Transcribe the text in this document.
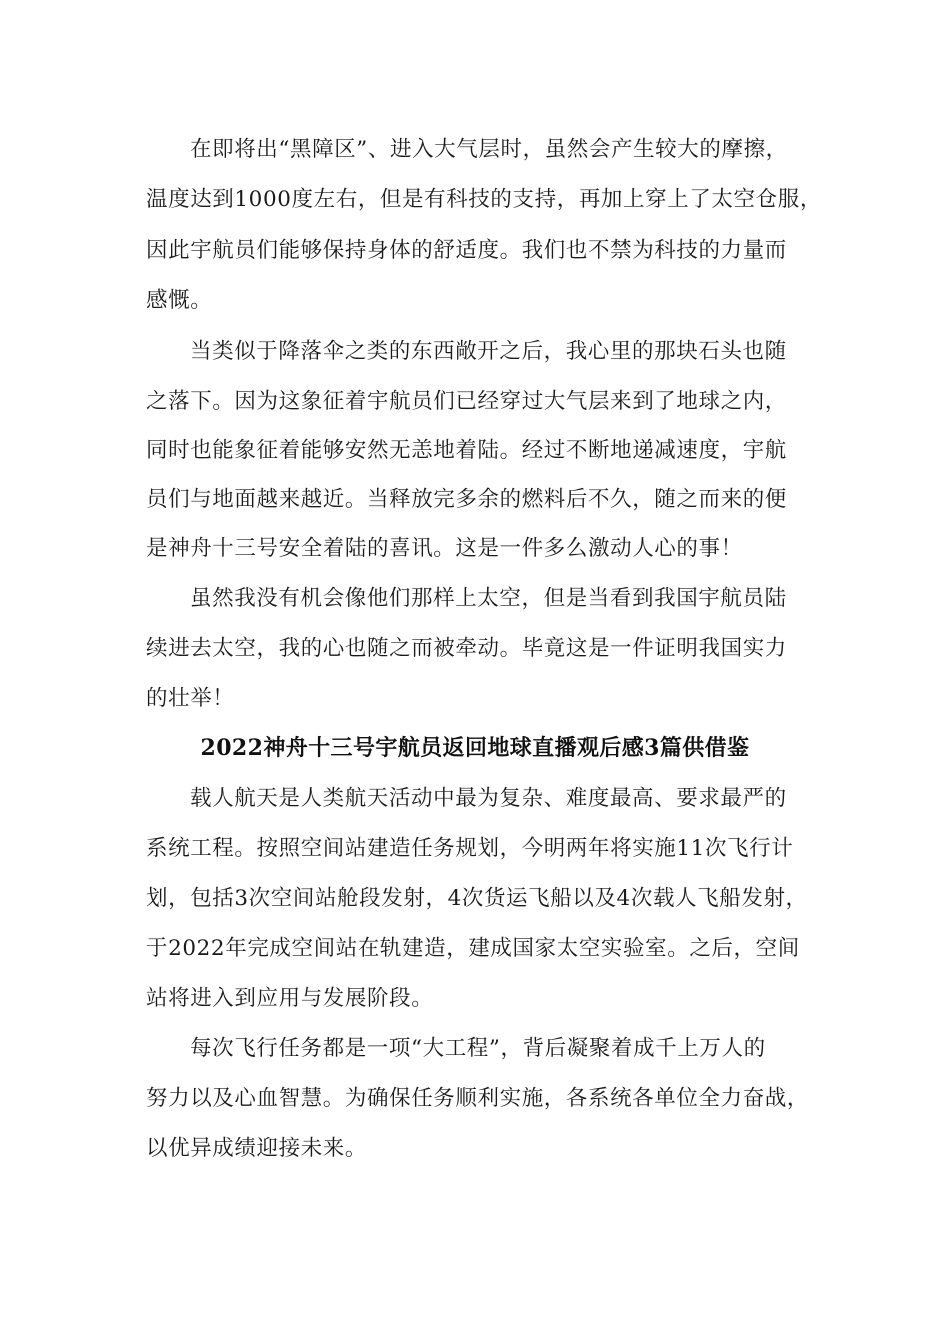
在即将出“黑障区”、进入大气层时，虽然会产生较大的摩擦，
温度达到1000度左右，但是有科技的支持，再加上穿上了太空仓服，
因此宇航员们能够保持身体的舒适度。我们也不禁为科技的力量而
感慨。
当类似于降落伞之类的东西敞开之后，我心里的那块石头也随
之落下。因为这象征着宇航员们已经穿过大气层来到了地球之内，
同时也能象征着能够安然无恙地着陆。经过不断地递减速度，宇航
员们与地面越来越近。当释放完多余的燃料后不久，随之而来的便
是神舟十三号安全着陆的喜讯。这是一件多么激动人心的事！
虽然我没有机会像他们那样上太空，但是当看到我国宇航员陆
续进去太空，我的心也随之而被牵动。毕竟这是一件证明我国实力
的壮举！
2022神舟十三号宇航员返回地球直播观后感3篇供借鉴
载人航天是人类航天活动中最为复杂、难度最高、要求最严的
系统工程。按照空间站建造任务规划，今明两年将实施11次飞行计
划，包括3次空间站舱段发射，4次货运飞船以及4次载人飞船发射，
于2022年完成空间站在轨建造，建成国家太空实验室。之后，空间
站将进入到应用与发展阶段。
每次飞行任务都是一项“大工程”，背后凝聚着成千上万人的
努力以及心血智慧。为确保任务顺利实施，各系统各单位全力奋战，
以优异成绩迎接未来。
